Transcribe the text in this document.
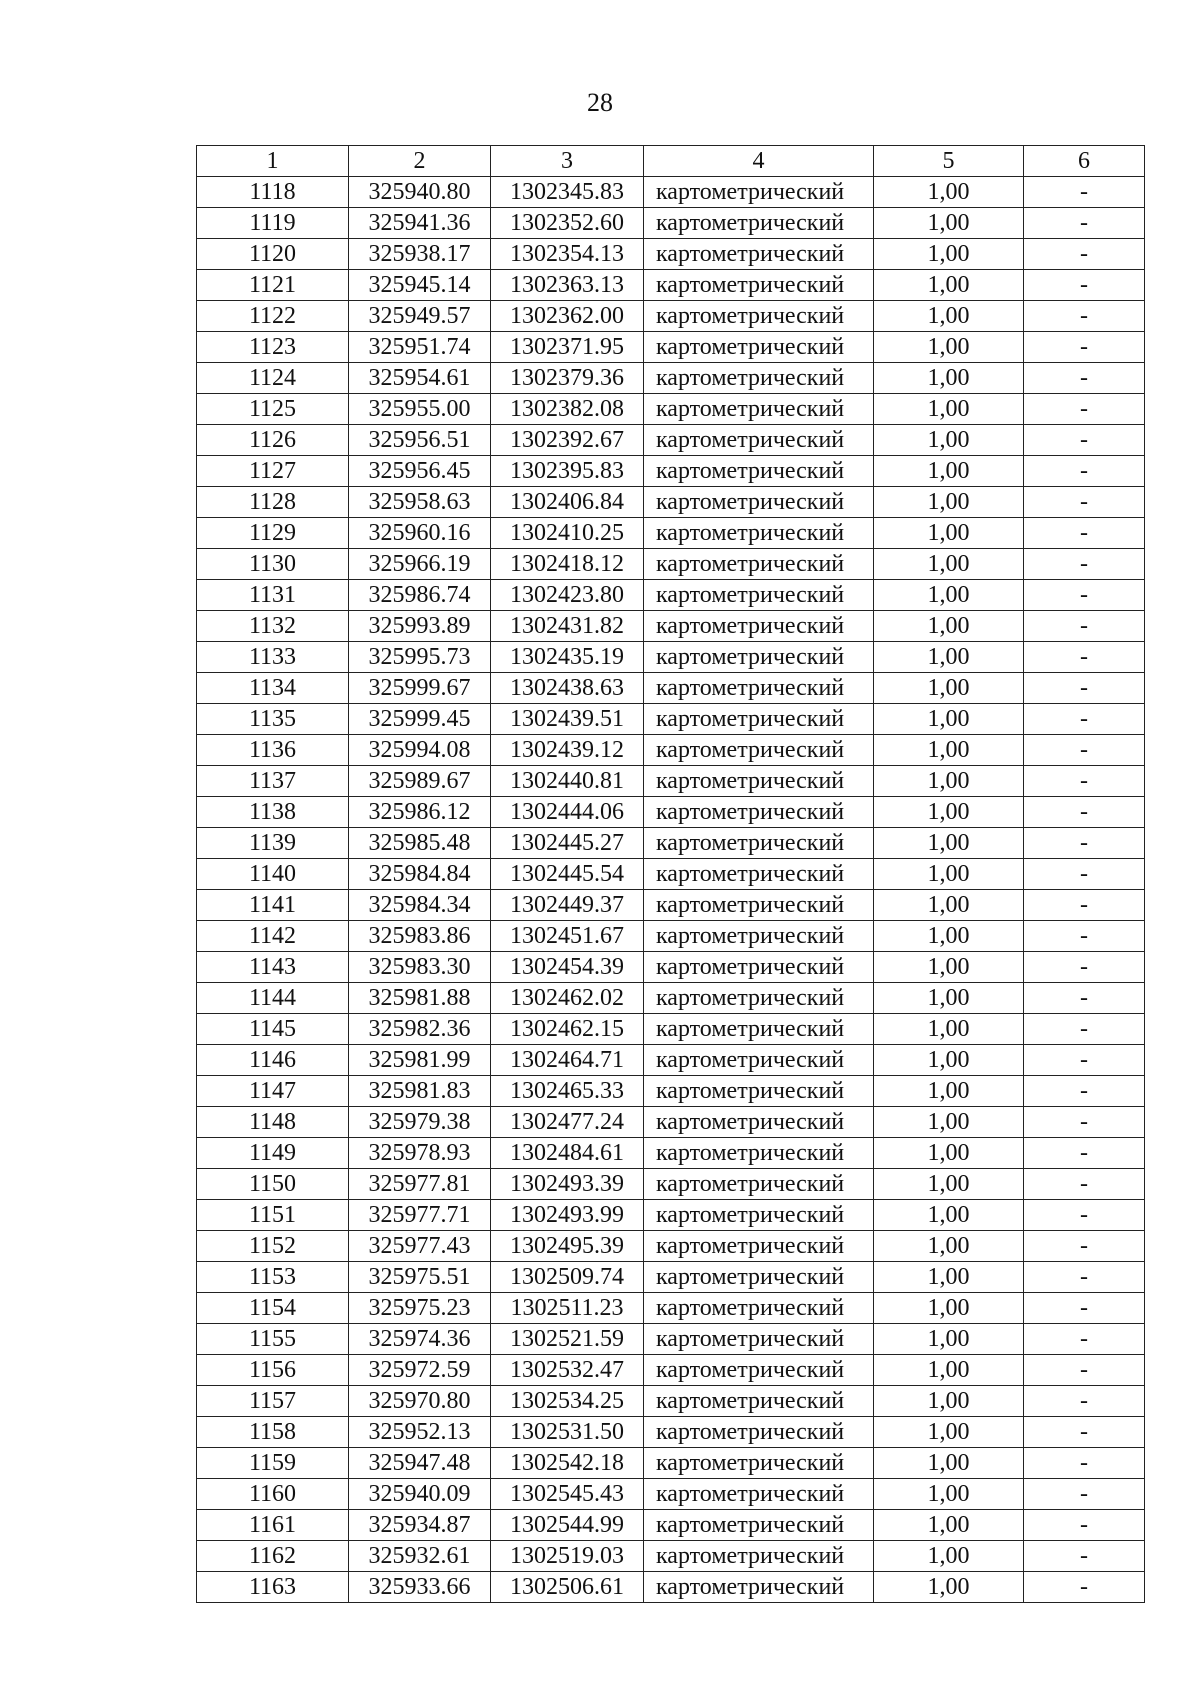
28
1	2	3	4	5	6
1118	325940.80	1302345.83	картометрический	1,00	-
1119	325941.36	1302352.60	картометрический	1,00	-
1120	325938.17	1302354.13	картометрический	1,00	-
1121	325945.14	1302363.13	картометрический	1,00	-
1122	325949.57	1302362.00	картометрический	1,00	-
1123	325951.74	1302371.95	картометрический	1,00	-
1124	325954.61	1302379.36	картометрический	1,00	-
1125	325955.00	1302382.08	картометрический	1,00	-
1126	325956.51	1302392.67	картометрический	1,00	-
1127	325956.45	1302395.83	картометрический	1,00	-
1128	325958.63	1302406.84	картометрический	1,00	-
1129	325960.16	1302410.25	картометрический	1,00	-
1130	325966.19	1302418.12	картометрический	1,00	-
1131	325986.74	1302423.80	картометрический	1,00	-
1132	325993.89	1302431.82	картометрический	1,00	-
1133	325995.73	1302435.19	картометрический	1,00	-
1134	325999.67	1302438.63	картометрический	1,00	-
1135	325999.45	1302439.51	картометрический	1,00	-
1136	325994.08	1302439.12	картометрический	1,00	-
1137	325989.67	1302440.81	картометрический	1,00	-
1138	325986.12	1302444.06	картометрический	1,00	-
1139	325985.48	1302445.27	картометрический	1,00	-
1140	325984.84	1302445.54	картометрический	1,00	-
1141	325984.34	1302449.37	картометрический	1,00	-
1142	325983.86	1302451.67	картометрический	1,00	-
1143	325983.30	1302454.39	картометрический	1,00	-
1144	325981.88	1302462.02	картометрический	1,00	-
1145	325982.36	1302462.15	картометрический	1,00	-
1146	325981.99	1302464.71	картометрический	1,00	-
1147	325981.83	1302465.33	картометрический	1,00	-
1148	325979.38	1302477.24	картометрический	1,00	-
1149	325978.93	1302484.61	картометрический	1,00	-
1150	325977.81	1302493.39	картометрический	1,00	-
1151	325977.71	1302493.99	картометрический	1,00	-
1152	325977.43	1302495.39	картометрический	1,00	-
1153	325975.51	1302509.74	картометрический	1,00	-
1154	325975.23	1302511.23	картометрический	1,00	-
1155	325974.36	1302521.59	картометрический	1,00	-
1156	325972.59	1302532.47	картометрический	1,00	-
1157	325970.80	1302534.25	картометрический	1,00	-
1158	325952.13	1302531.50	картометрический	1,00	-
1159	325947.48	1302542.18	картометрический	1,00	-
1160	325940.09	1302545.43	картометрический	1,00	-
1161	325934.87	1302544.99	картометрический	1,00	-
1162	325932.61	1302519.03	картометрический	1,00	-
1163	325933.66	1302506.61	картометрический	1,00	-
